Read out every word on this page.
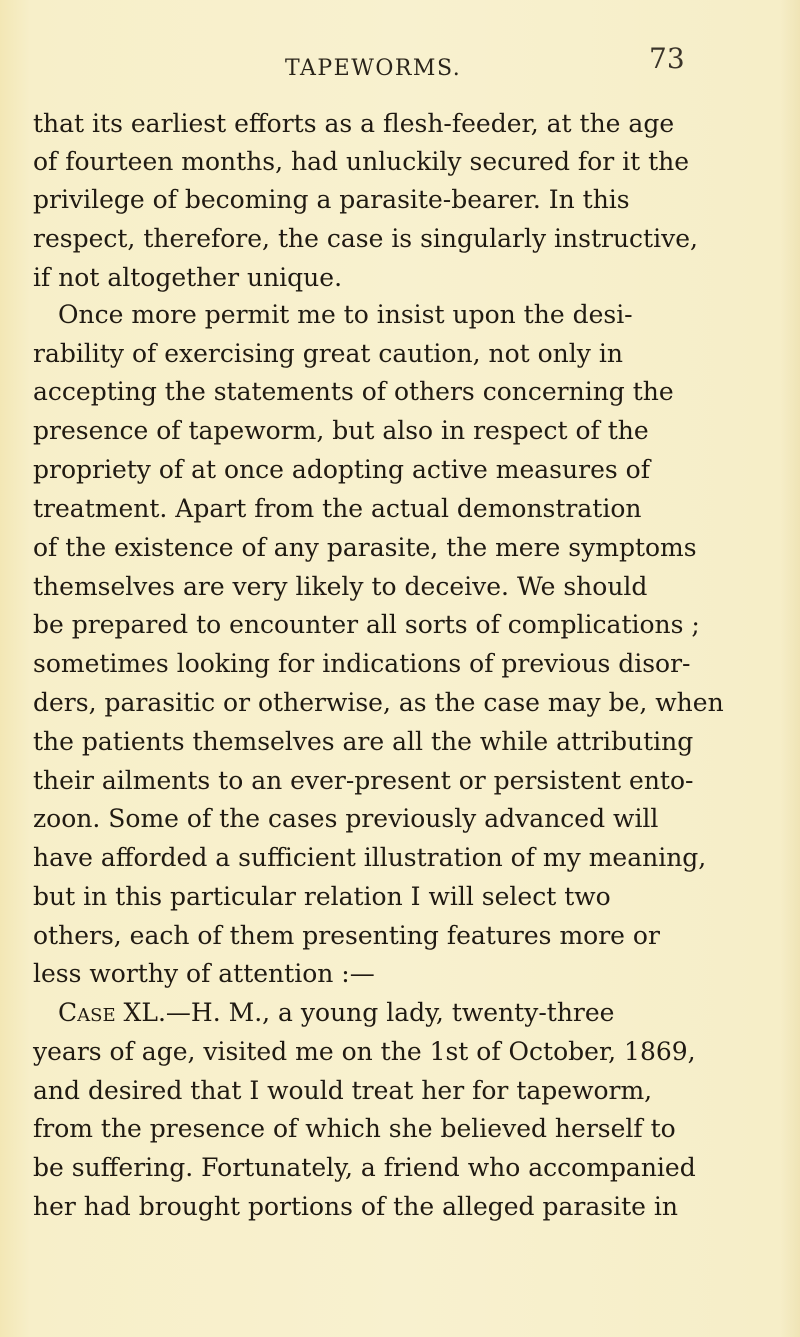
TAPEWORMS.	73
that its earliest efforts as a flesh-feeder, at the age
of fourteen months, had unluckily secured for it the
privilege of becoming a parasite-bearer. In this
respect, therefore, the case is singularly instructive,
if not altogether unique.
Once more permit me to insist upon the desi-
rability of exercising great caution, not only in
accepting the statements of others concerning the
presence of tapeworm, but also in respect of the
propriety of at once adopting active measures of
treatment. Apart from the actual demonstration
of the existence of any parasite, the mere symptoms
themselves are very likely to deceive. We should
be prepared to encounter all sorts of complications ;
sometimes looking for indications of previous disor-
ders, parasitic or otherwise, as the case may be, when
the patients themselves are all the while attributing
their ailments to an ever-present or persistent ento-
zoon. Some of the cases previously advanced will
have afforded a sufficient illustration of my meaning,
but in this particular relation I will select two
others, each of them presenting features more or
less worthy of attention :—
Case XL.—H. M., a young lady, twenty-three
years of age, visited me on the 1st of October, 1869,
and desired that I would treat her for tapeworm,
from the presence of which she believed herself to
be suffering. Fortunately, a friend who accompanied
her had brought portions of the alleged parasite in
